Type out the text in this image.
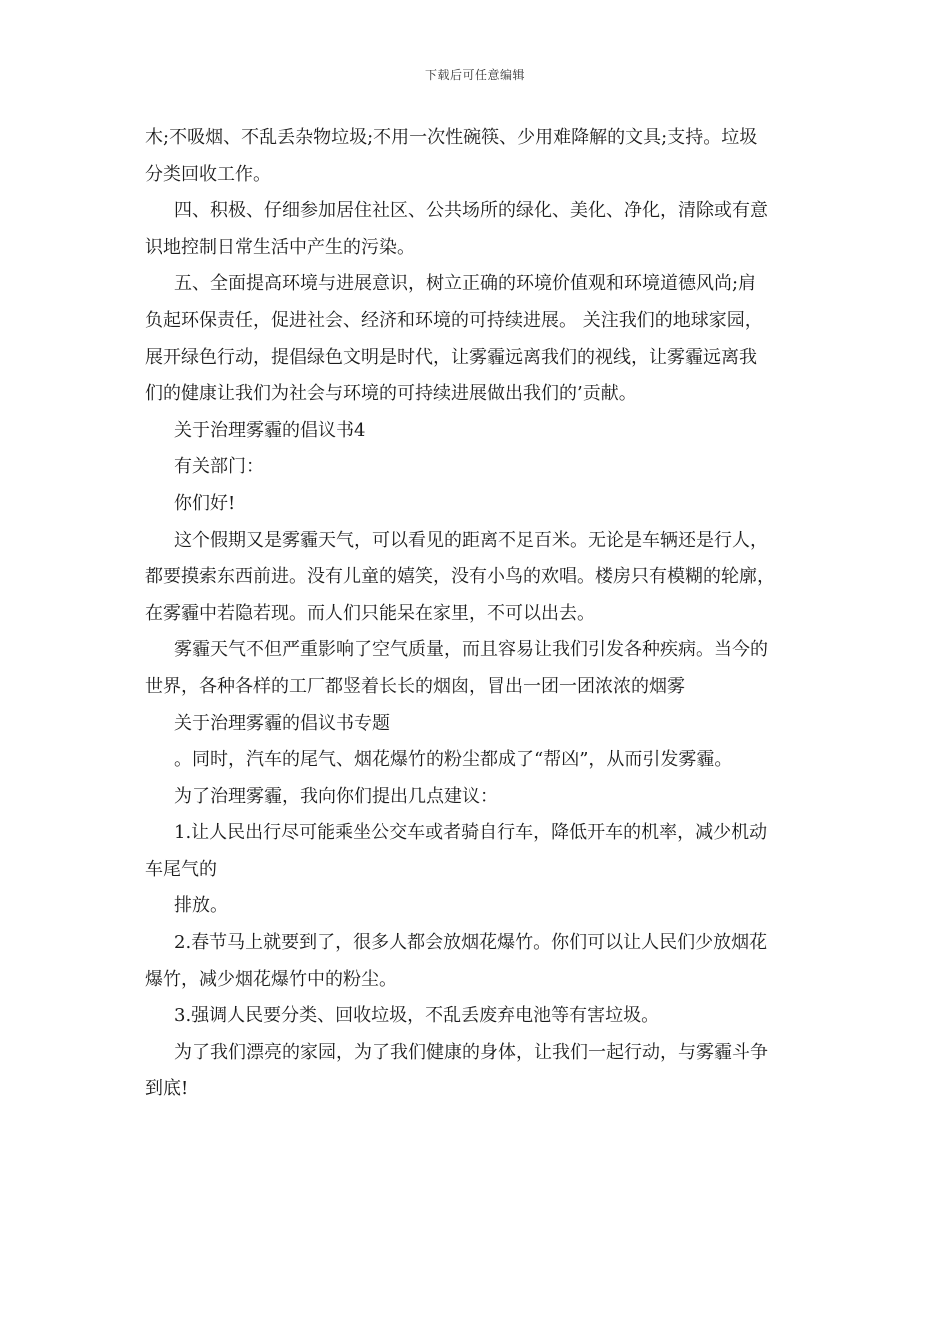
下载后可任意编辑

木;不吸烟、不乱丢杂物垃圾;不用一次性碗筷、少用难降解的文具;支持。垃圾

分类回收工作。

四、积极、仔细参加居住社区、公共场所的绿化、美化、净化，清除或有意

识地控制日常生活中产生的污染。

五、全面提高环境与进展意识，树立正确的环境价值观和环境道德风尚;肩

负起环保责任，促进社会、经济和环境的可持续进展。 关注我们的地球家园，

展开绿色行动，提倡绿色文明是时代，让雾霾远离我们的视线，让雾霾远离我

们的健康让我们为社会与环境的可持续进展做出我们的’贡献。

关于治理雾霾的倡议书4

有关部门：

你们好!

这个假期又是雾霾天气，可以看见的距离不足百米。无论是车辆还是行人，

都要摸索东西前进。没有儿童的嬉笑，没有小鸟的欢唱。楼房只有模糊的轮廓，

在雾霾中若隐若现。而人们只能呆在家里，不可以出去。

雾霾天气不但严重影响了空气质量，而且容易让我们引发各种疾病。当今的

世界，各种各样的工厂都竖着长长的烟囱，冒出一团一团浓浓的烟雾

关于治理雾霾的倡议书专题

。同时，汽车的尾气、烟花爆竹的粉尘都成了“帮凶”，从而引发雾霾。

为了治理雾霾，我向你们提出几点建议：

1.让人民出行尽可能乘坐公交车或者骑自行车，降低开车的机率，减少机动

车尾气的

排放。

2.春节马上就要到了，很多人都会放烟花爆竹。你们可以让人民们少放烟花

爆竹，减少烟花爆竹中的粉尘。

3.强调人民要分类、回收垃圾，不乱丢废弃电池等有害垃圾。

为了我们漂亮的家园，为了我们健康的身体，让我们一起行动，与雾霾斗争

到底!
